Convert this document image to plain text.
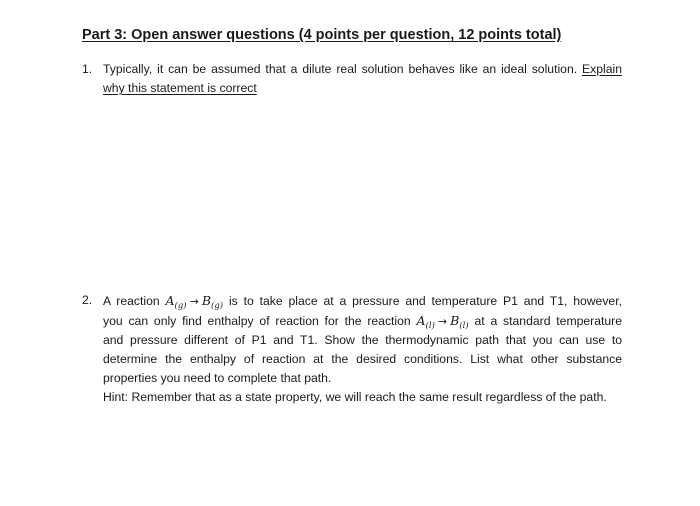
Part 3: Open answer questions (4 points per question, 12 points total)
1. Typically, it can be assumed that a dilute real solution behaves like an ideal solution. Explain
why this statement is correct
2. A reaction $A_{(g)} \to B_{(g)}$ is to take place at a pressure and temperature P1 and T1, however,
you can only find enthalpy of reaction for the reaction $A_{(l)} \to B_{(l)}$ at a standard temperature
and pressure different of P1 and T1. Show the thermodynamic path that you can use to
determine the enthalpy of reaction at the desired conditions. List what other substance
properties you need to complete that path.
Hint: Remember that as a state property, we will reach the same result regardless of the path.
